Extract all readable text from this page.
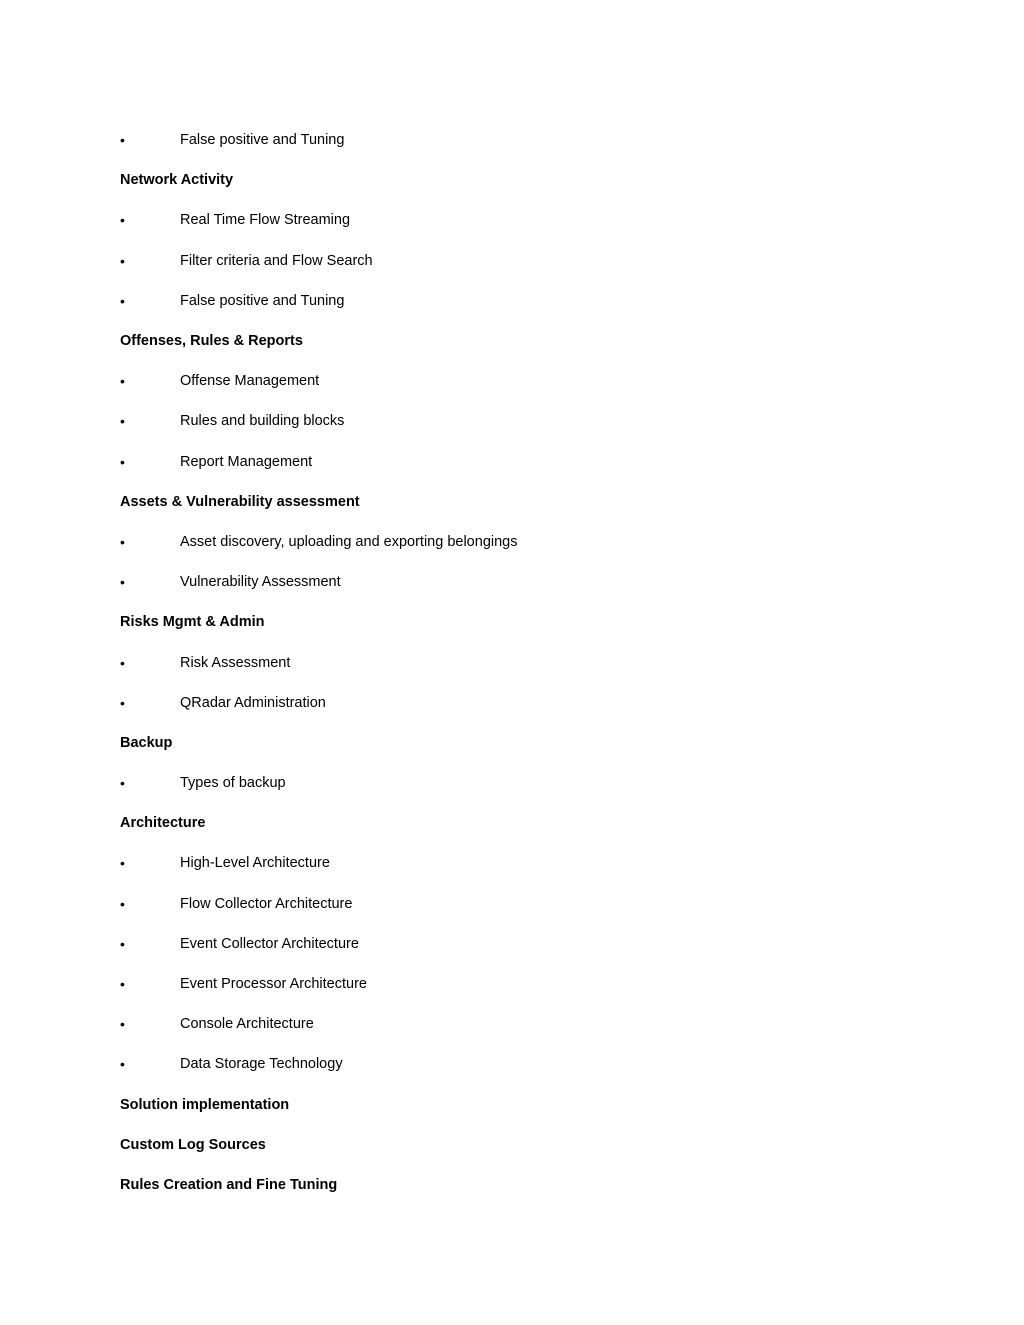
•	False positive and Tuning
Network Activity
•	Real Time Flow Streaming
•	Filter criteria and Flow Search
•	False positive and Tuning
Offenses, Rules & Reports
•	Offense Management
•	Rules and building blocks
•	Report Management
Assets & Vulnerability assessment
•	Asset discovery, uploading and exporting belongings
•	Vulnerability Assessment
Risks Mgmt & Admin
•	Risk Assessment
•	QRadar Administration
Backup
•	Types of backup
Architecture
•	High-Level Architecture
•	Flow Collector Architecture
•	Event Collector Architecture
•	Event Processor Architecture
•	Console Architecture
•	Data Storage Technology
Solution implementation
Custom Log Sources
Rules Creation and Fine Tuning
